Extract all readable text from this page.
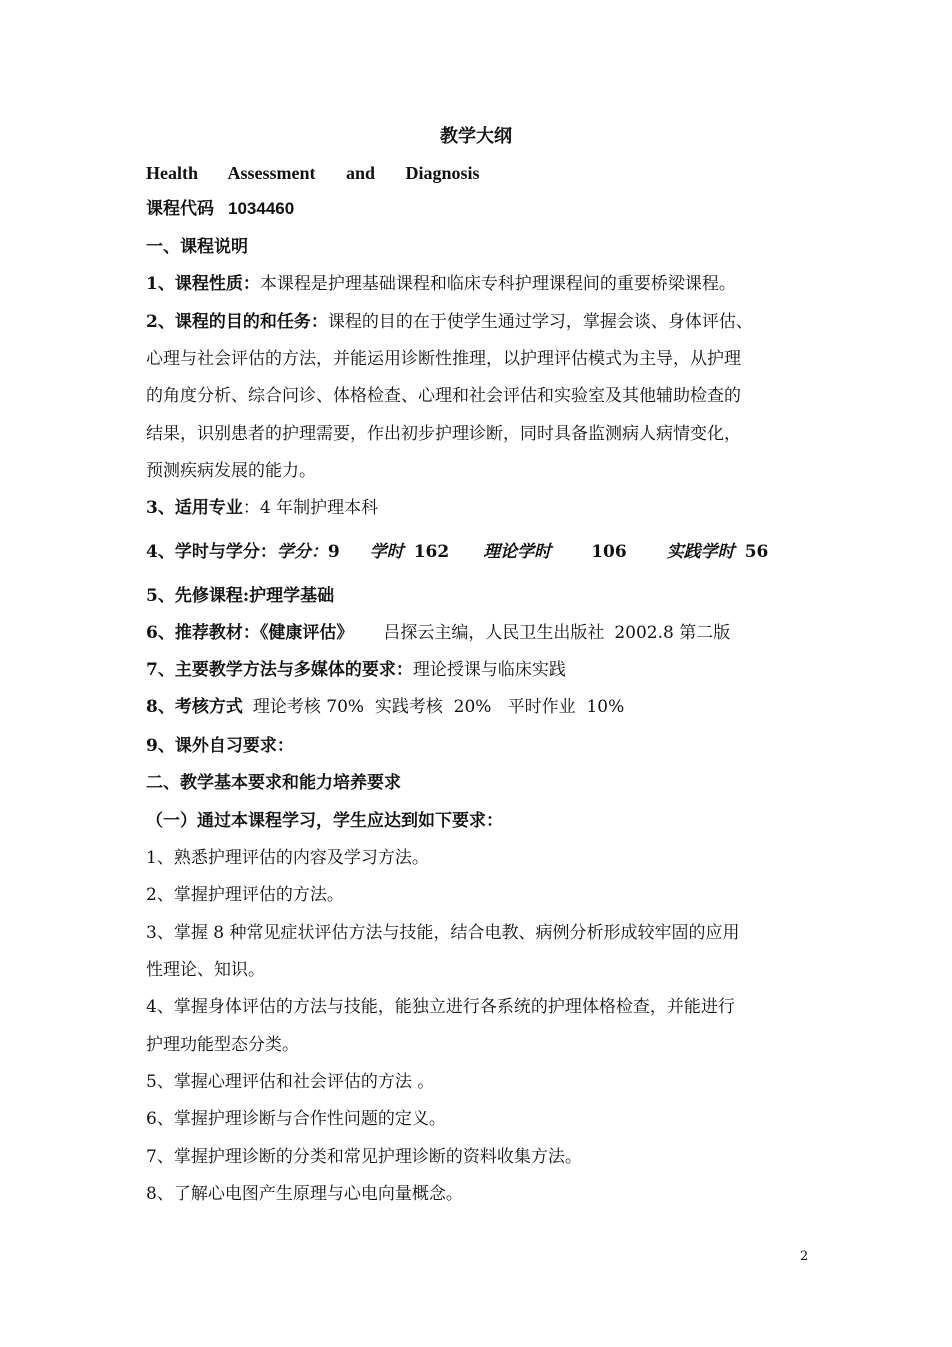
教学大纲
Health Assessment and Diagnosis
课程代码 1034460
一、课程说明
1、课程性质：本课程是护理基础课程和临床专科护理课程间的重要桥梁课程。
2、课程的目的和任务：课程的目的在于使学生通过学习，掌握会谈、身体评估、
心理与社会评估的方法，并能运用诊断性推理，以护理评估模式为主导，从护理
的角度分析、综合问诊、体格检查、心理和社会评估和实验室及其他辅助检查的
结果，识别患者的护理需要，作出初步护理诊断，同时具备监测病人病情变化，
预测疾病发展的能力。
3、适用专业：4 年制护理本科
4、学时与学分：学分：9 学时 162 理论学时 106 实践学时 56
5、先修课程:护理学基础
6、推荐教材：《健康评估》 吕探云主编，人民卫生出版社 2002.8 第二版
7、主要教学方法与多媒体的要求：理论授课与临床实践
8、考核方式 理论考核 70%  实践考核  20%   平时作业  10%
9、课外自习要求：
二、教学基本要求和能力培养要求
（一）通过本课程学习，学生应达到如下要求：
1、熟悉护理评估的内容及学习方法。
2、掌握护理评估的方法。
3、掌握 8 种常见症状评估方法与技能，结合电教、病例分析形成较牢固的应用
性理论、知识。
4、掌握身体评估的方法与技能，能独立进行各系统的护理体格检查，并能进行
护理功能型态分类。
5、掌握心理评估和社会评估的方法 。
6、掌握护理诊断与合作性问题的定义。
7、掌握护理诊断的分类和常见护理诊断的资料收集方法。
8、了解心电图产生原理与心电向量概念。
2
